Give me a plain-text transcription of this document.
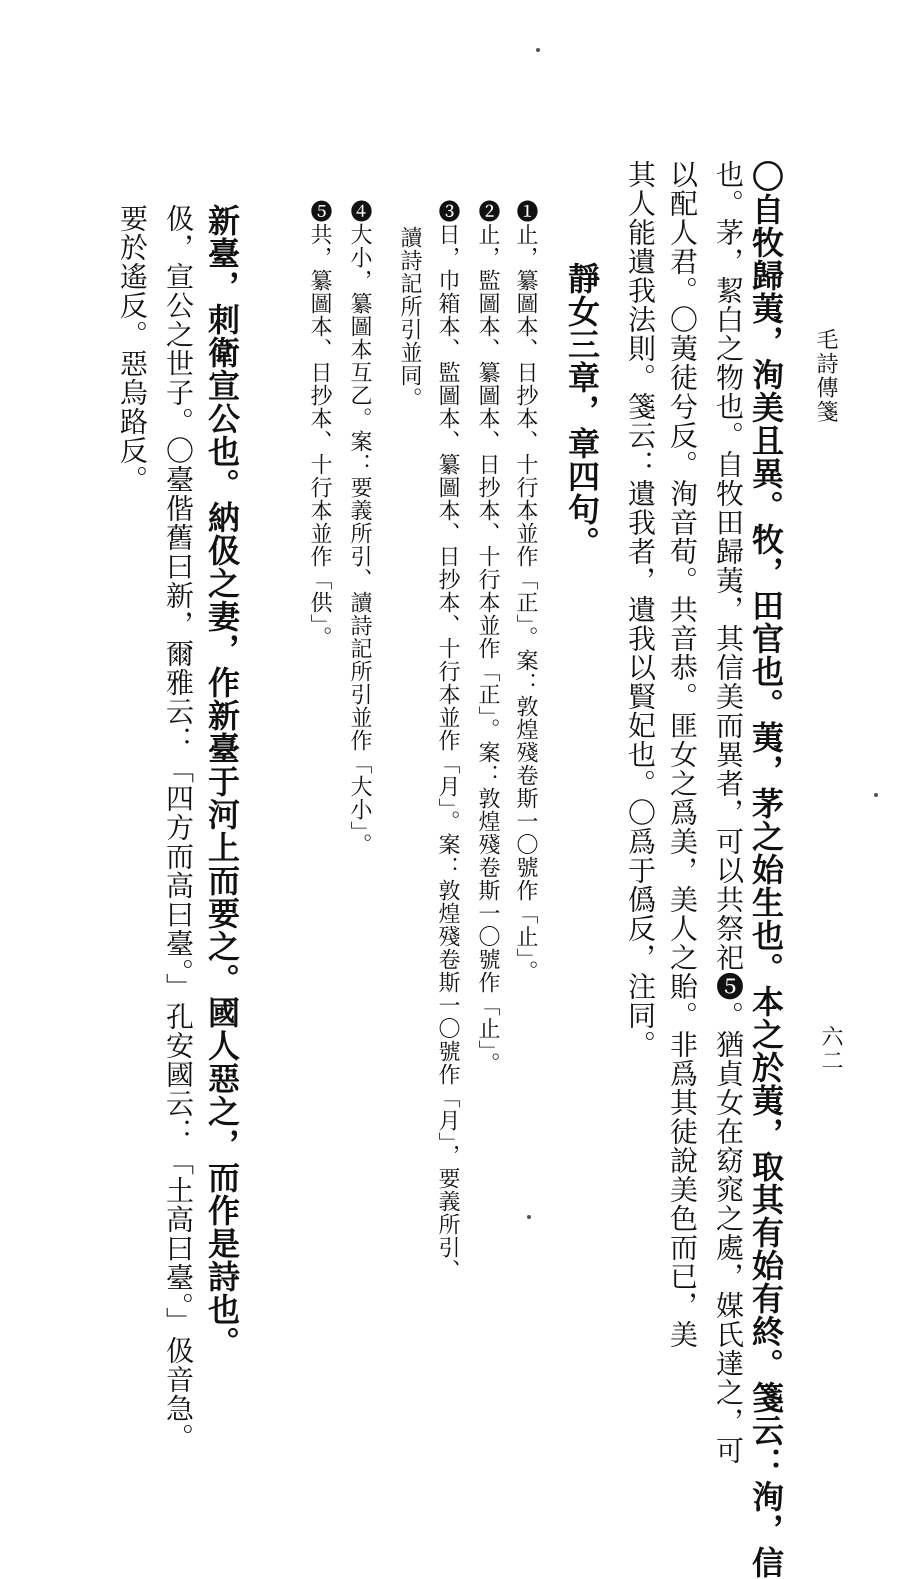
毛詩傳箋
六二
〇自牧歸荑，洵美且異。牧，田官也。荑，茅之始生也。本之於荑，取其有始有終。箋云：洵，信
也。茅，絜白之物也。自牧田歸荑，其信美而異者，可以共祭祀❺。猶貞女在窈窕之處，媒氏達之，可
以配人君。〇荑徒兮反。洵音荀。共音恭。匪女之爲美，美人之貽。非爲其徒說美色而已，美
其人能遺我法則。箋云：遺我者，遺我以賢妃也。〇爲于僞反，注同。
靜女三章，章四句。
❶止，纂圖本、日抄本、十行本並作「正」。案：敦煌殘卷斯一〇號作「止」。
❷止，監圖本、纂圖本、日抄本、十行本並作「正」。案：敦煌殘卷斯一〇號作「止」。
❸日，巾箱本、監圖本、纂圖本、日抄本、十行本並作「月」。案：敦煌殘卷斯一〇號作「月」，要義所引、
讀詩記所引並同。
❹大小，纂圖本互乙。案：要義所引、讀詩記所引並作「大小」。
❺共，纂圖本、日抄本、十行本並作「供」。
新臺，刺衛宣公也。納伋之妻，作新臺于河上而要之。國人惡之，而作是詩也。
伋，宣公之世子。〇臺偕舊曰新，爾雅云：「四方而高曰臺。」孔安國云：「土高曰臺。」伋音急。
要於遙反。惡烏路反。
